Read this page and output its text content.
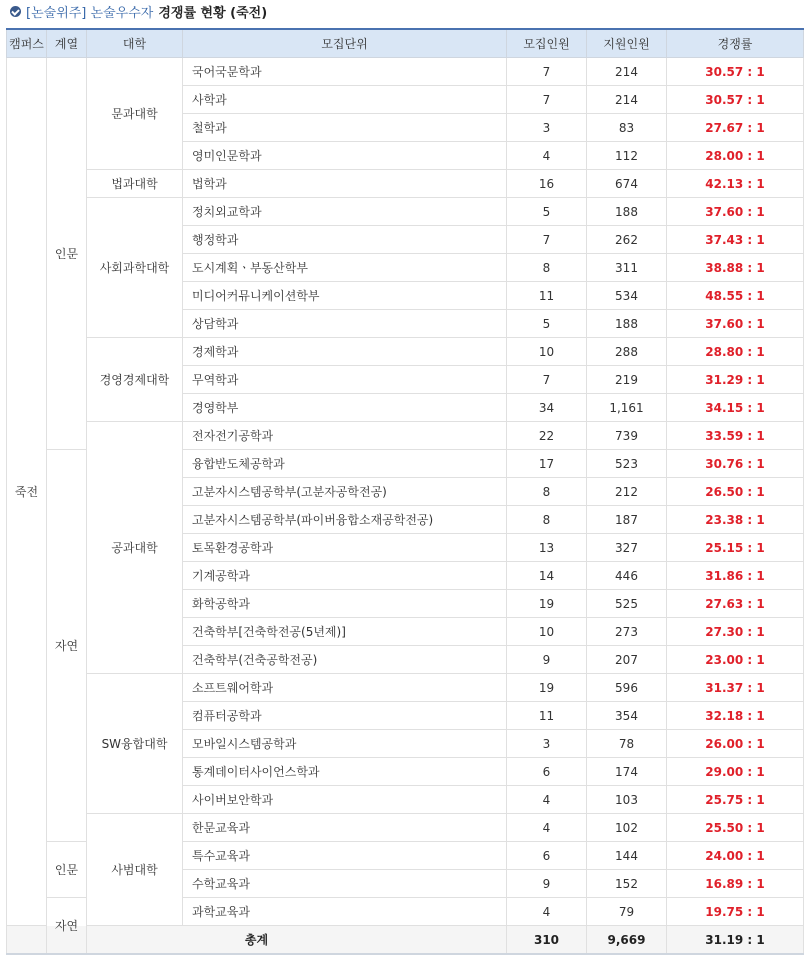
[논술위주]
논술우수자 경쟁률 현황 (죽전)
캠퍼스	계열	대학	모집단위	모집인원	지원인원	경쟁률
죽전	인문	문과대학	국어국문학과	7	214	30.57 : 1
			사학과	7	214	30.57 : 1
			철학과	3	83	27.67 : 1
			영미인문학과	4	112	28.00 : 1
		법과대학	법학과	16	674	42.13 : 1
		사회과학대학	정치외교학과	5	188	37.60 : 1
			행정학과	7	262	37.43 : 1
			도시계획ㆍ부동산학부	8	311	38.88 : 1
			미디어커뮤니케이션학부	11	534	48.55 : 1
			상담학과	5	188	37.60 : 1
		경영경제대학	경제학과	10	288	28.80 : 1
			무역학과	7	219	31.29 : 1
			경영학부	34	1,161	34.15 : 1
		공과대학	전자전기공학과	22	739	33.59 : 1
	자연		융합반도체공학과	17	523	30.76 : 1
			고분자시스템공학부(고분자공학전공)	8	212	26.50 : 1
			고분자시스템공학부(파이버융합소재공학전공)	8	187	23.38 : 1
			토목환경공학과	13	327	25.15 : 1
			기계공학과	14	446	31.86 : 1
			화학공학과	19	525	27.63 : 1
			건축학부[건축학전공(5년제)]	10	273	27.30 : 1
			건축학부(건축공학전공)	9	207	23.00 : 1
		SW융합대학	소프트웨어학과	19	596	31.37 : 1
			컴퓨터공학과	11	354	32.18 : 1
			모바일시스템공학과	3	78	26.00 : 1
			통계데이터사이언스학과	6	174	29.00 : 1
			사이버보안학과	4	103	25.75 : 1
		사범대학	한문교육과	4	102	25.50 : 1
	인문		특수교육과	6	144	24.00 : 1
			수학교육과	9	152	16.89 : 1
	자연		과학교육과	4	79	19.75 : 1
총계				310	9,669	31.19 : 1
